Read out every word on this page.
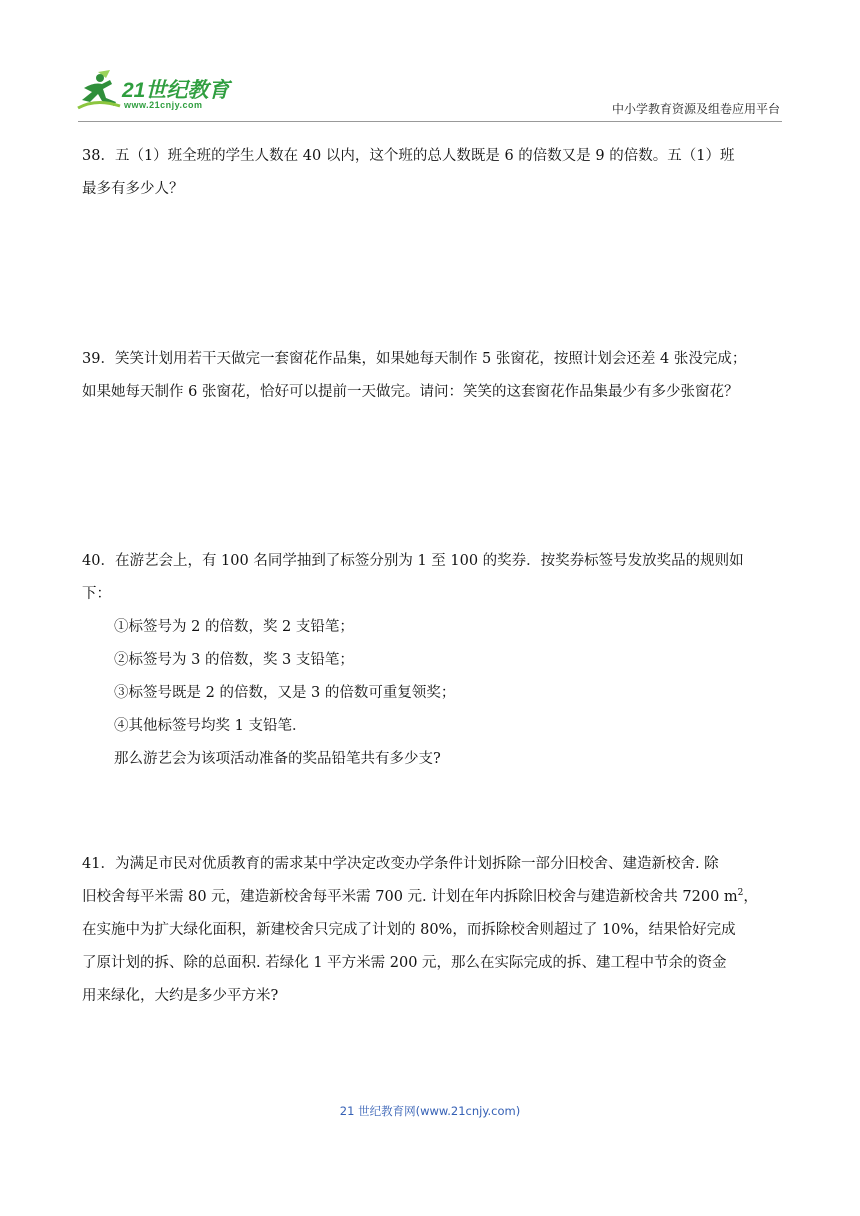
21世纪教育
www.21cnjy.com	中小学教育资源及组卷应用平台
38．五（1）班全班的学生人数在 40 以内，这个班的总人数既是 6 的倍数又是 9 的倍数。五（1）班
最多有多少人？
39．笑笑计划用若干天做完一套窗花作品集，如果她每天制作 5 张窗花，按照计划会还差 4 张没完成；
如果她每天制作 6 张窗花，恰好可以提前一天做完。请问：笑笑的这套窗花作品集最少有多少张窗花？
40．在游艺会上，有 100 名同学抽到了标签分别为 1 至 100 的奖券．按奖券标签号发放奖品的规则如
下：
①标签号为 2 的倍数，奖 2 支铅笔；
②标签号为 3 的倍数，奖 3 支铅笔；
③标签号既是 2 的倍数，又是 3 的倍数可重复领奖；
④其他标签号均奖 1 支铅笔．
那么游艺会为该项活动准备的奖品铅笔共有多少支?
41．为满足市民对优质教育的需求某中学决定改变办学条件计划拆除一部分旧校舍、建造新校舍. 除
旧校舍每平米需 80 元，建造新校舍每平米需 700 元. 计划在年内拆除旧校舍与建造新校舍共 7200 $m^2$，
在实施中为扩大绿化面积，新建校舍只完成了计划的 80%，而拆除校舍则超过了 10%，结果恰好完成
了原计划的拆、除的总面积. 若绿化 1 平方米需 200 元，那么在实际完成的拆、建工程中节余的资金
用来绿化，大约是多少平方米?
21 世纪教育网(www.21cnjy.com)
